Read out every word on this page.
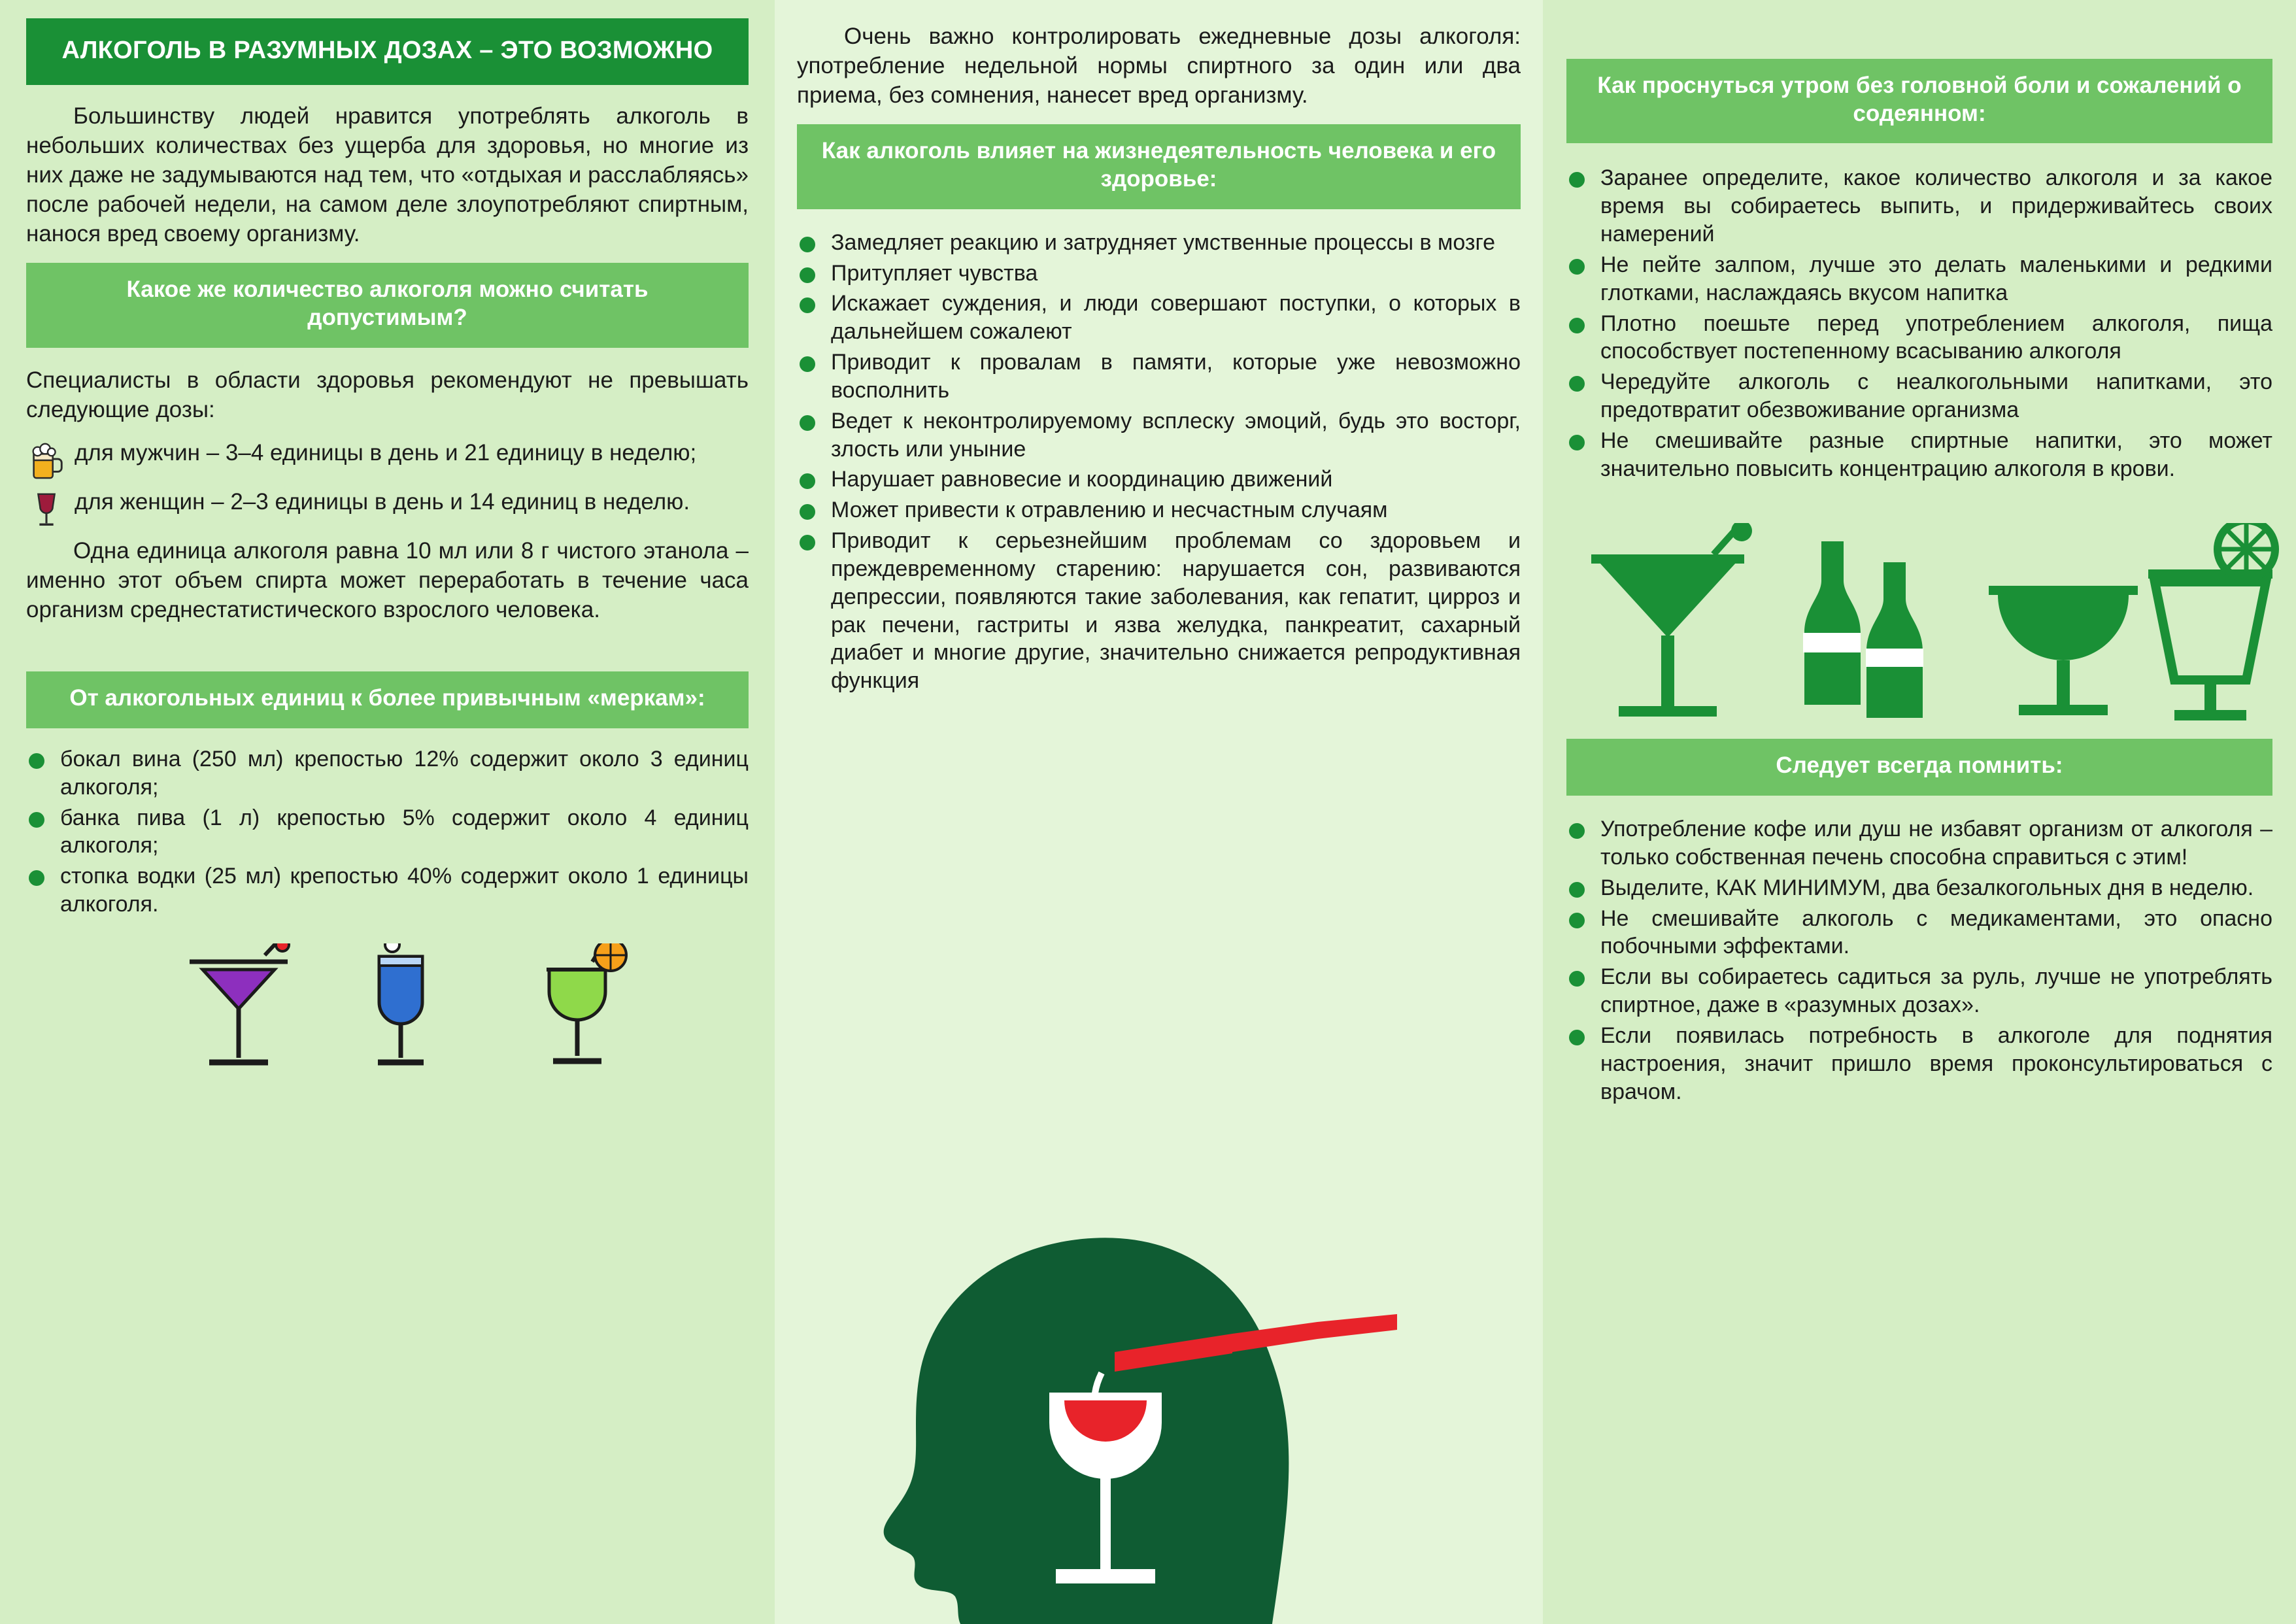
АЛКОГОЛЬ В РАЗУМНЫХ ДОЗАХ – ЭТО ВОЗМОЖНО

Большинству людей нравится употреблять алкоголь в небольших количествах без ущерба для здоровья, но многие из них даже не задумываются над тем, что «отдыхая и расслабляясь» после рабочей недели, на самом деле злоупотребляют спиртным, нанося вред своему организму.

Какое же количество алкоголя можно считать допустимым?

Специалисты в области здоровья рекомендуют не превышать следующие дозы:

для мужчин – 3–4 единицы в день и 21 единицу в неделю;
для женщин – 2–3 единицы в день и 14 единиц в неделю.

Одна единица алкоголя равна 10 мл или 8 г чистого этанола – именно этот объем спирта может переработать в течение часа организм среднестатистического взрослого человека.

От алкогольных единиц к более привычным «меркам»:
бокал вина (250 мл) крепостью 12% содержит около 3 единиц алкоголя;
банка пива (1 л) крепостью 5% содержит около 4 единиц алкоголя;
стопка водки (25 мл) крепостью 40% содержит около 1 единицы алкоголя.

Очень важно контролировать ежедневные дозы алкоголя: употребление недельной нормы спиртного за один или два приема, без сомнения, нанесет вред организму.

Как алкоголь влияет на жизнедеятельность человека и его здоровье:
Замедляет реакцию и затрудняет умственные процессы в мозге
Притупляет чувства
Искажает суждения, и люди совершают поступки, о которых в дальнейшем сожалеют
Приводит к провалам в памяти, которые уже невозможно восполнить
Ведет к неконтролируемому всплеску эмоций, будь это восторг, злость или уныние
Нарушает равновесие и координацию движений
Может привести к отравлению и несчастным случаям
Приводит к серьезнейшим проблемам со здоровьем и преждевременному старению: нарушается сон, развиваются депрессии, появляются такие заболевания, как гепатит, цирроз и рак печени, гастриты и язва желудка, панкреатит, сахарный диабет и многие другие, значительно снижается репродуктивная функция
Как проснуться утром без головной боли и сожалений о содеянном:
Заранее определите, какое количество алкоголя и за какое время вы собираетесь выпить, и придерживайтесь своих намерений
Не пейте залпом, лучше это делать маленькими и редкими глотками, наслаждаясь вкусом напитка
Плотно поешьте перед употреблением алкоголя, пища способствует постепенному всасыванию алкоголя
Чередуйте алкоголь с неалкогольными напитками, это предотвратит обезвоживание организма
Не смешивайте разные спиртные напитки, это может значительно повысить концентрацию алкоголя в крови.
Следует всегда помнить:
Употребление кофе или душ не избавят организм от алкоголя – только собственная печень способна справиться с этим!
Выделите, КАК МИНИМУМ, два безалкогольных дня в неделю.
Не смешивайте алкоголь с медикаментами, это опасно побочными эффектами.
Если вы собираетесь садиться за руль, лучше не употреблять спиртное, даже в «разумных дозах».
Если появилась потребность в алкоголе для поднятия настроения, значит пришло время проконсультироваться с врачом.
